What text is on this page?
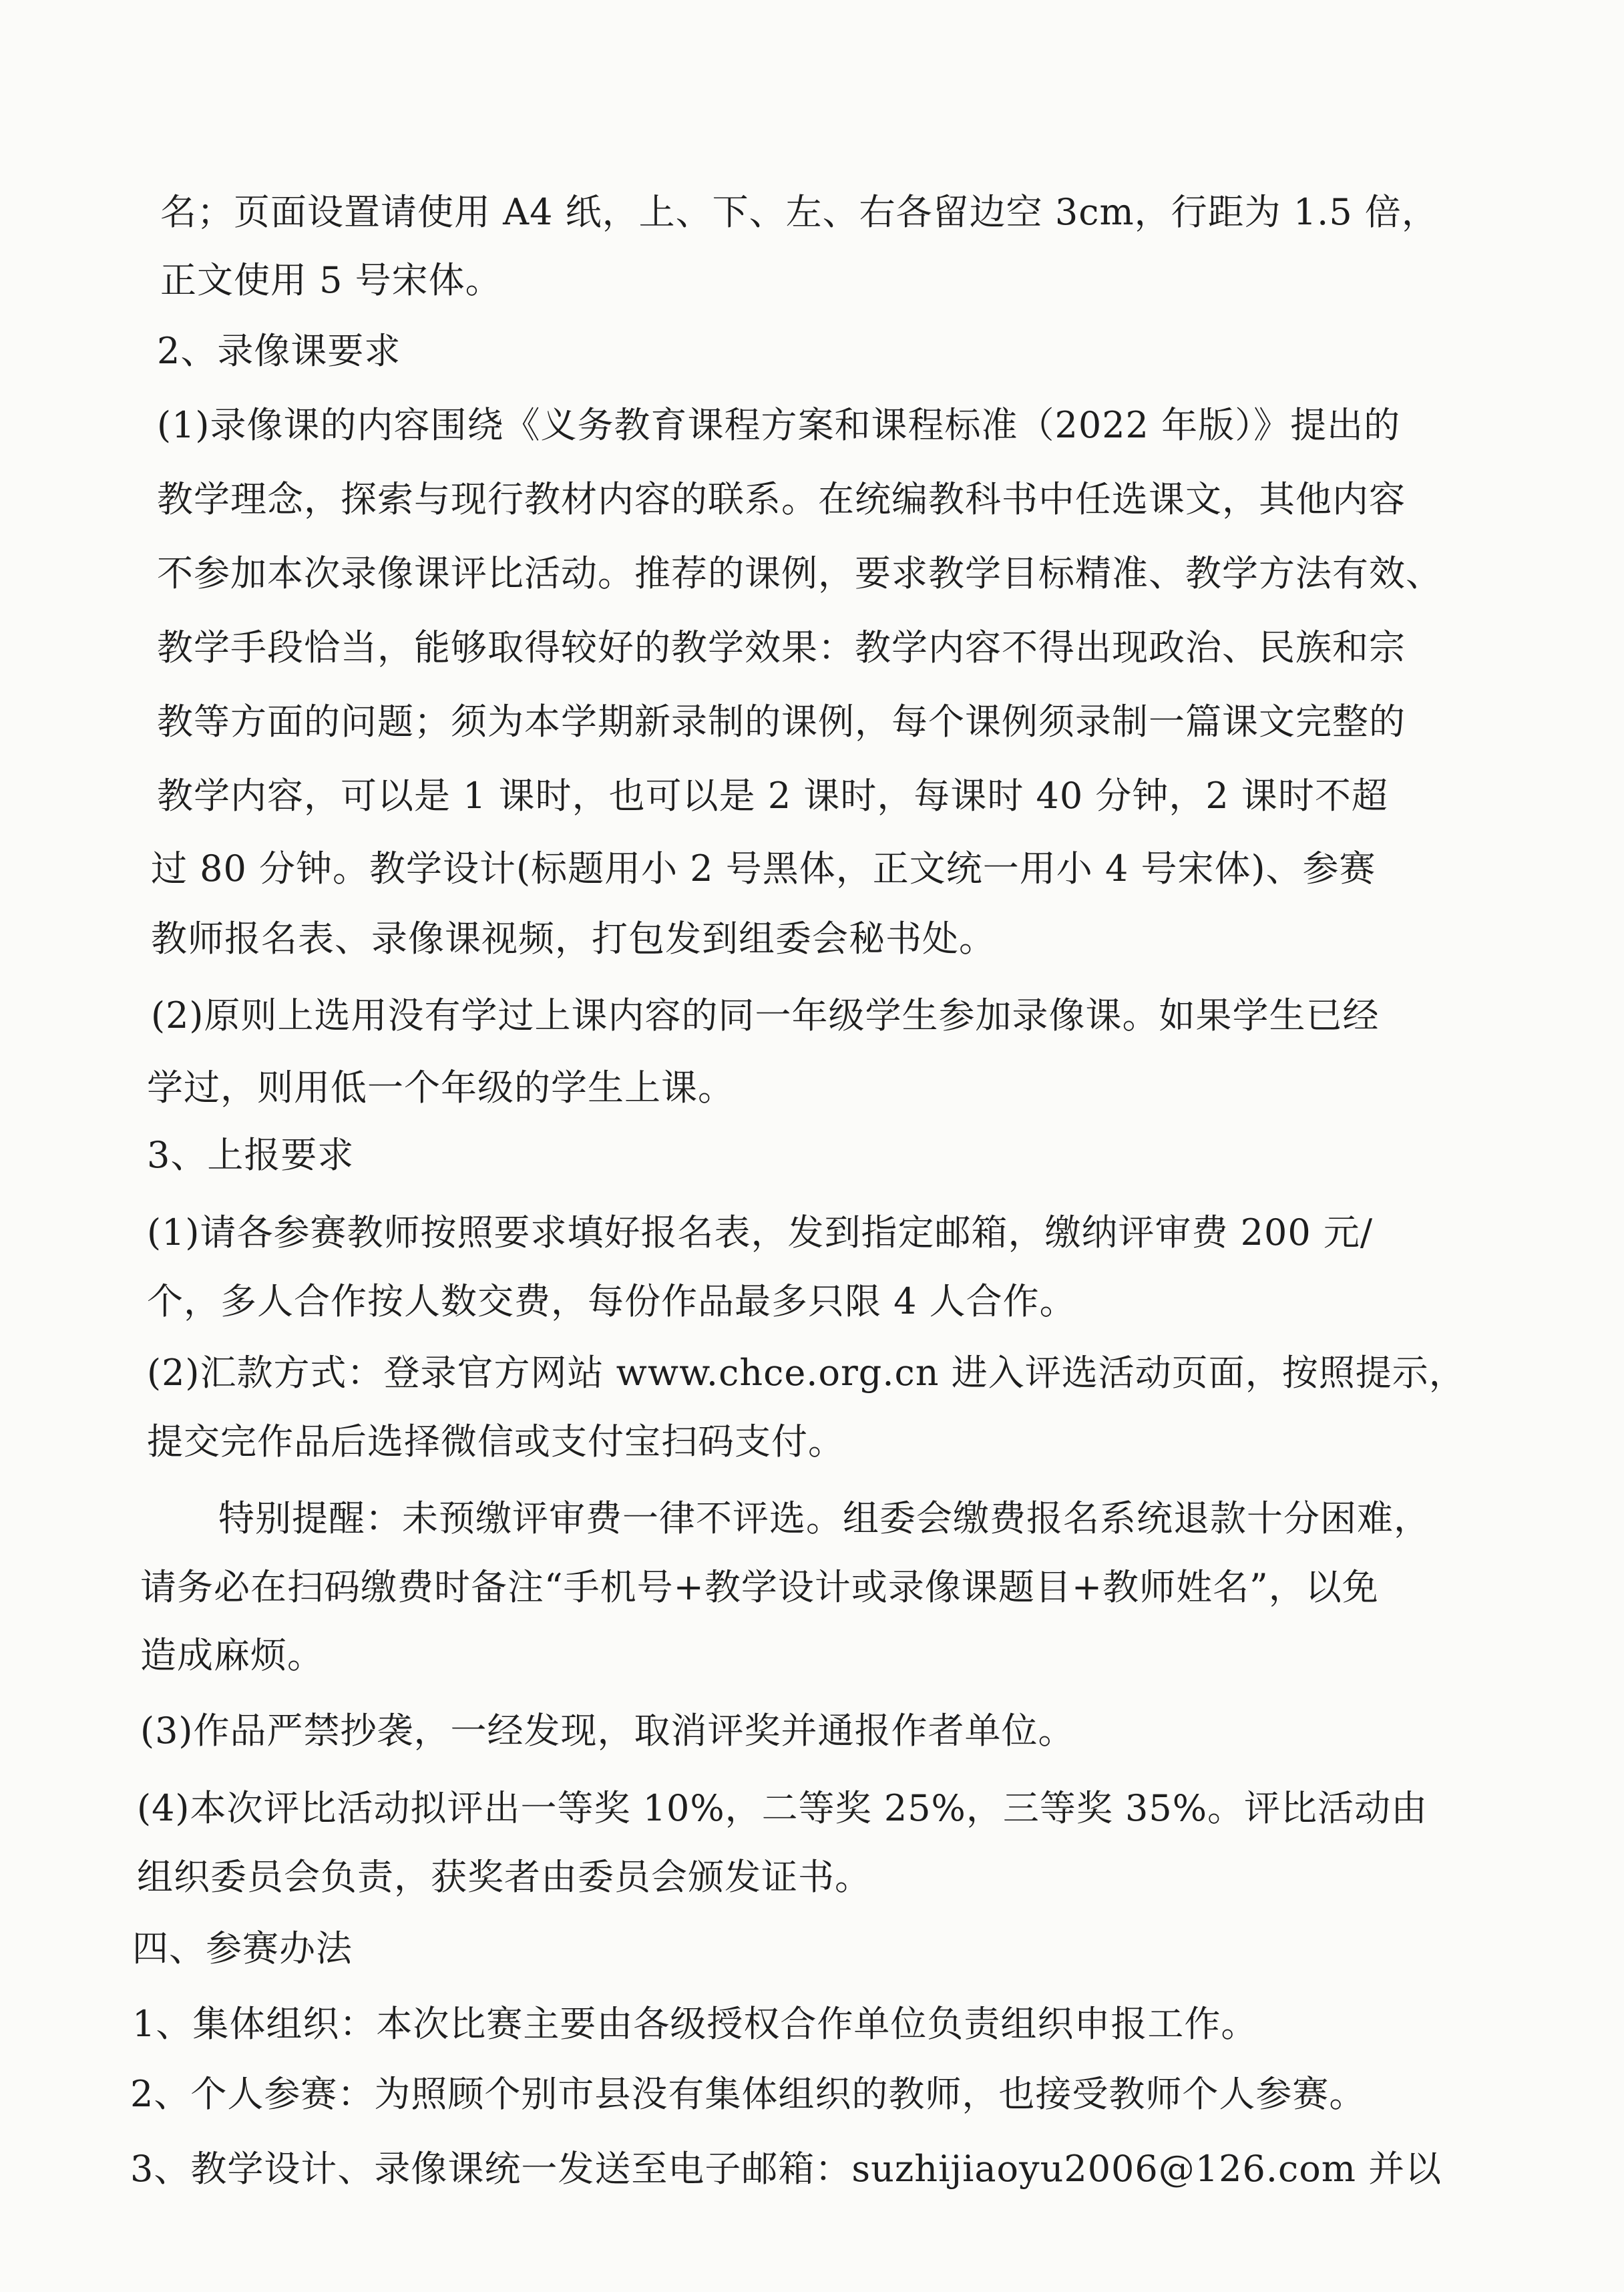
名；页面设置请使用 A4 纸，上、下、左、右各留边空 3cm，行距为 1.5 倍，
正文使用 5 号宋体。
2、录像课要求
(1)录像课的内容围绕《义务教育课程方案和课程标准（2022 年版）》提出的
教学理念，探索与现行教材内容的联系。在统编教科书中任选课文，其他内容
不参加本次录像课评比活动。推荐的课例，要求教学目标精准、教学方法有效、
教学手段恰当，能够取得较好的教学效果：教学内容不得出现政治、民族和宗
教等方面的问题；须为本学期新录制的课例，每个课例须录制一篇课文完整的
教学内容，可以是 1 课时，也可以是 2 课时，每课时 40 分钟，2 课时不超
过 80 分钟。教学设计(标题用小 2 号黑体，正文统一用小 4 号宋体)、参赛
教师报名表、录像课视频，打包发到组委会秘书处。
(2)原则上选用没有学过上课内容的同一年级学生参加录像课。如果学生已经
学过，则用低一个年级的学生上课。
3、上报要求
(1)请各参赛教师按照要求填好报名表，发到指定邮箱，缴纳评审费 200 元/
个，多人合作按人数交费，每份作品最多只限 4 人合作。
(2)汇款方式：登录官方网站 www.chce.org.cn 进入评选活动页面，按照提示，
提交完作品后选择微信或支付宝扫码支付。
特别提醒：未预缴评审费一律不评选。组委会缴费报名系统退款十分困难，
请务必在扫码缴费时备注“手机号+教学设计或录像课题目+教师姓名”，以免
造成麻烦。
(3)作品严禁抄袭，一经发现，取消评奖并通报作者单位。
(4)本次评比活动拟评出一等奖 10%，二等奖 25%，三等奖 35%。评比活动由
组织委员会负责，获奖者由委员会颁发证书。
四、参赛办法
1、集体组织：本次比赛主要由各级授权合作单位负责组织申报工作。
2、个人参赛：为照顾个别市县没有集体组织的教师，也接受教师个人参赛。
3、教学设计、录像课统一发送至电子邮箱：suzhijiaoyu2006@126.com 并以
